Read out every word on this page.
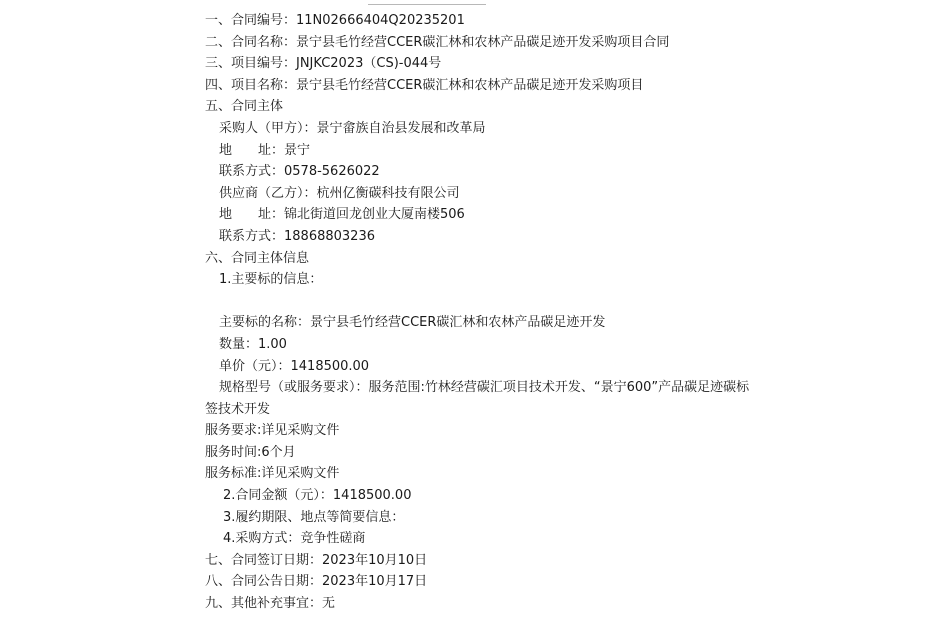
一、合同编号：11N02666404Q20235201
二、合同名称：景宁县毛竹经营CCER碳汇林和农林产品碳足迹开发采购项目合同
三、项目编号：JNJKC2023（CS)-044号
四、项目名称：景宁县毛竹经营CCER碳汇林和农林产品碳足迹开发采购项目
五、合同主体
采购人（甲方）：景宁畲族自治县发展和改革局
地　　址：景宁
联系方式：0578-5626022
供应商（乙方）：杭州亿衡碳科技有限公司
地　　址：锦北街道回龙创业大厦南楼506
联系方式：18868803236
六、合同主体信息
1.主要标的信息：
主要标的名称：景宁县毛竹经营CCER碳汇林和农林产品碳足迹开发
数量：1.00
单价（元）：1418500.00
规格型号（或服务要求）：服务范围:竹林经营碳汇项目技术开发、“景宁600”产品碳足迹碳标签技术开发
服务要求:详见采购文件
服务时间:6个月
服务标准:详见采购文件
2.合同金额（元）：1418500.00
3.履约期限、地点等简要信息：
4.采购方式：竞争性磋商
七、合同签订日期：2023年10月10日
八、合同公告日期：2023年10月17日
九、其他补充事宜：无
